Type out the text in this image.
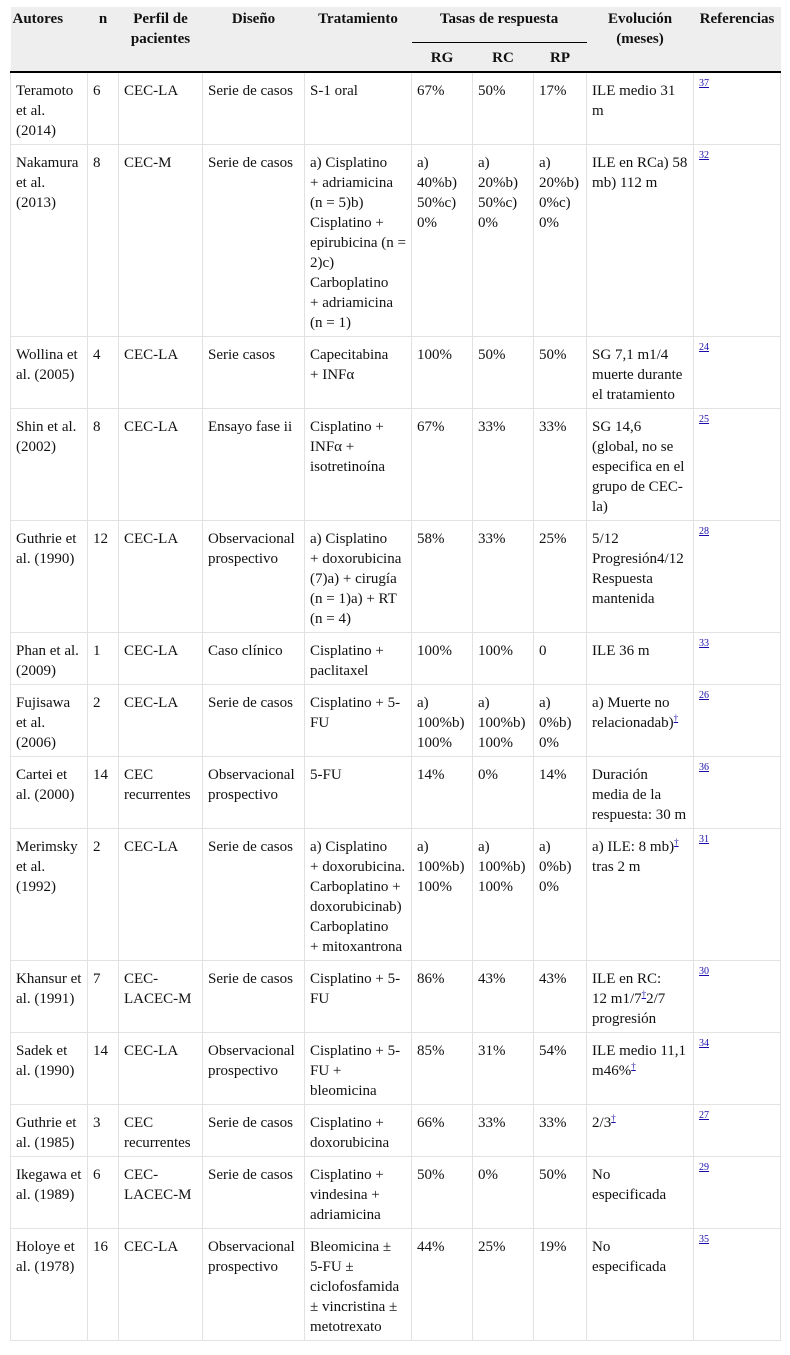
Autores	n	Perfil de pacientes	Diseño	Tratamiento	Tasas de respuesta			Evolución (meses)	Referencias
					RG	RC	RP		
Teramoto et al. (2014)	6	CEC-LA	Serie de casos	S-1 oral	67%	50%	17%	ILE medio 31 m	$^{37}$
Nakamura et al. (2013)	8	CEC-M	Serie de casos	a) Cisplatino + adriamicina (n = 5)b) Cisplatino + epirubicina (n = 2)c) Carboplatino + adriamicina (n = 1)	a) 40%b) 50%c) 0%	a) 20%b) 50%c) 0%	a) 20%b) 0%c) 0%	ILE en RCa) 58 mb) 112 m	$^{32}$
Wollina et al. (2005)	4	CEC-LA	Serie casos	Capecitabina + INFα	100%	50%	50%	SG 7,1 m1/4 muerte durante el tratamiento	$^{24}$
Shin et al. (2002)	8	CEC-LA	Ensayo fase ii	Cisplatino + INFα + isotretinoína	67%	33%	33%	SG 14,6 (global, no se especifica en el grupo de CEC-la)	$^{25}$
Guthrie et al. (1990)	12	CEC-LA	Observacional prospectivo	a) Cisplatino + doxorubicina (7)a) + cirugía (n = 1)a) + RT (n = 4)	58%	33%	25%	5/12 Progresión4/12 Respuesta mantenida	$^{28}$
Phan et al. (2009)	1	CEC-LA	Caso clínico	Cisplatino + paclitaxel	100%	100%	0	ILE 36 m	$^{33}$
Fujisawa et al. (2006)	2	CEC-LA	Serie de casos	Cisplatino + 5-FU	a) 100%b) 100%	a) 100%b) 100%	a) 0%b) 0%	a) Muerte no relacionadab)†	$^{26}$
Cartei et al. (2000)	14	CEC recurrentes	Observacional prospectivo	5-FU	14%	0%	14%	Duración media de la respuesta: 30 m	$^{36}$
Merimsky et al. (1992)	2	CEC-LA	Serie de casos	a) Cisplatino + doxorubicina. Carboplatino + doxorubicinab) Carboplatino + mitoxantrona	a) 100%b) 100%	a) 100%b) 100%	a) 0%b) 0%	a) ILE: 8 mb)† tras 2 m	$^{31}$
Khansur et al. (1991)	7	CEC-LACEC-M	Serie de casos	Cisplatino + 5-FU	86%	43%	43%	ILE en RC: 12 m1/7†2/7 progresión	$^{30}$
Sadek et al. (1990)	14	CEC-LA	Observacional prospectivo	Cisplatino + 5-FU + bleomicina	85%	31%	54%	ILE medio 11,1 m46%†	$^{34}$
Guthrie et al. (1985)	3	CEC recurrentes	Serie de casos	Cisplatino + doxorubicina	66%	33%	33%	2/3†	$^{27}$
Ikegawa et al. (1989)	6	CEC-LACEC-M	Serie de casos	Cisplatino + vindesina + adriamicina	50%	0%	50%	No especificada	$^{29}$
Holoye et al. (1978)	16	CEC-LA	Observacional prospectivo	Bleomicina ± 5-FU ± ciclofosfamida ± vincristina ± metotrexato	44%	25%	19%	No especificada	$^{35}$
